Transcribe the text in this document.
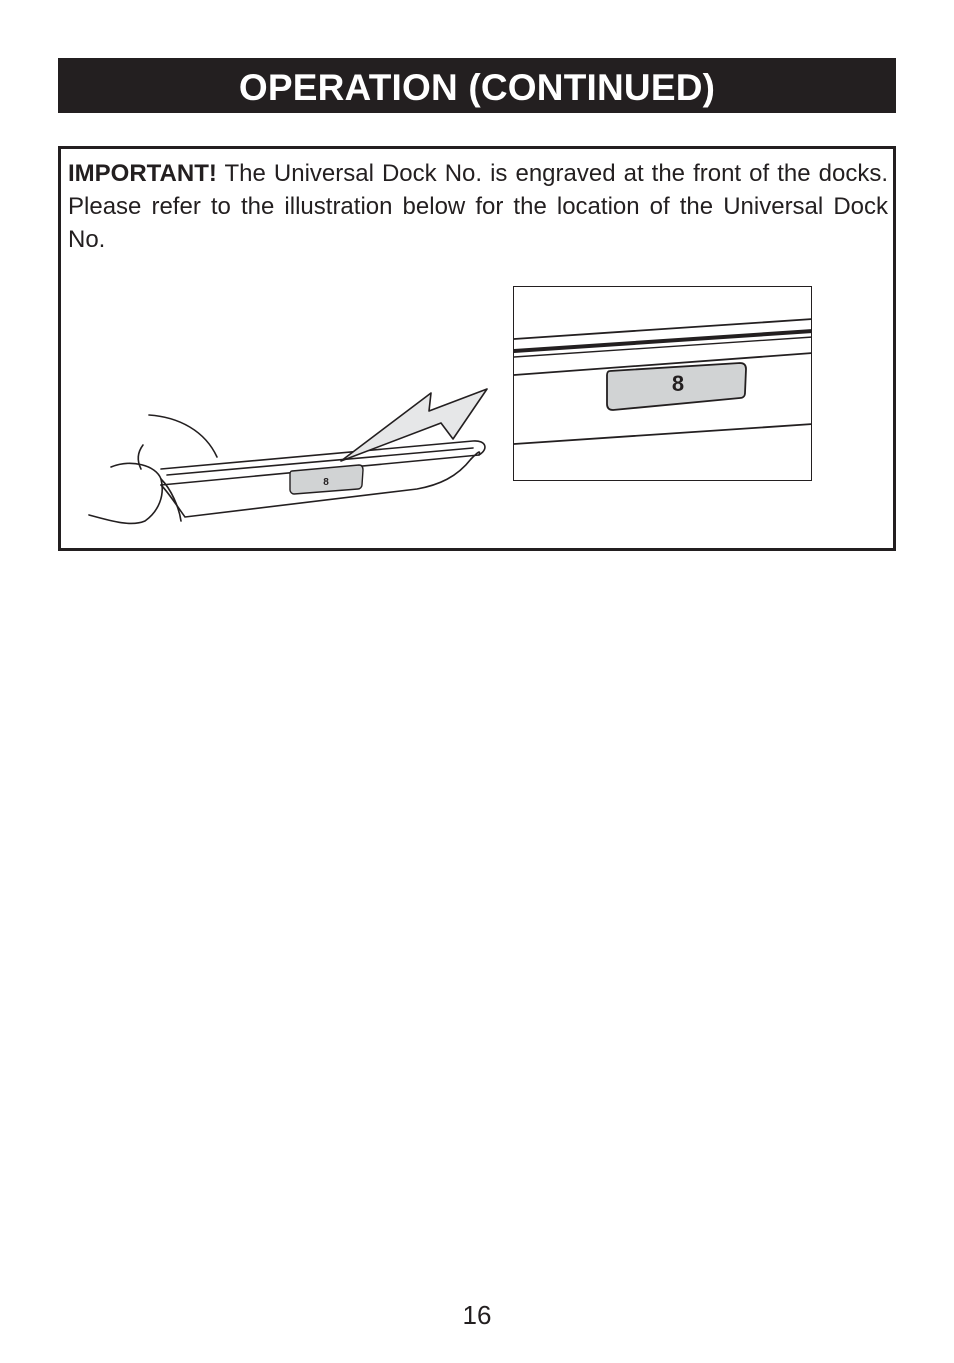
OPERATION (CONTINUED)

IMPORTANT! The Universal Dock No. is engraved at the front of the docks. Please refer to the illustration below for the location of the Universal Dock No.

8
8
16
